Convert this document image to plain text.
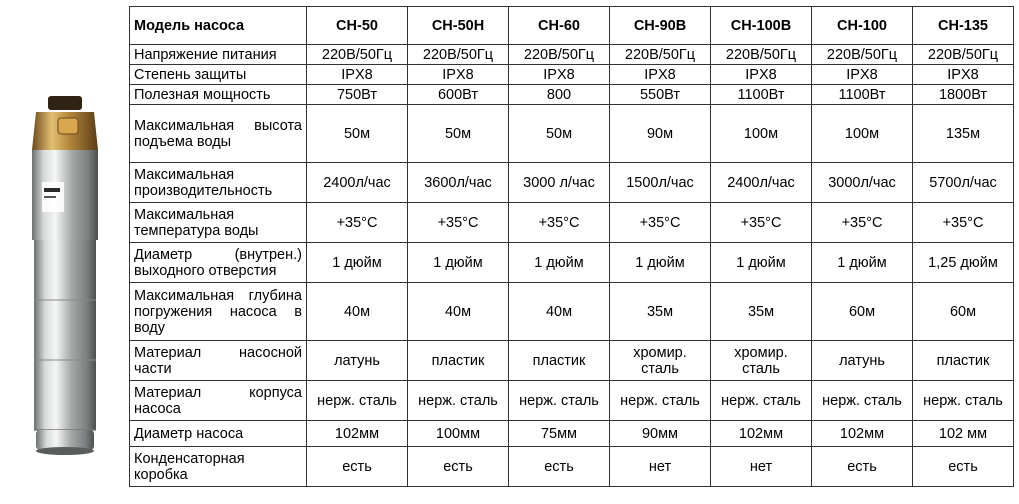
Модель насоса	CH-50	CH-50H	CH-60	CH-90B	CH-100B	CH-100	CH-135
Напряжение питания	220В/50Гц	220В/50Гц	220В/50Гц	220В/50Гц	220В/50Гц	220В/50Гц	220В/50Гц
Степень защиты	IPX8	IPX8	IPX8	IPX8	IPX8	IPX8	IPX8
Полезная мощность	750Вт	600Вт	800	550Вт	1100Вт	1100Вт	1800Вт
Максимальная высота подъема воды	50м	50м	50м	90м	100м	100м	135м
Максимальная производительность	2400л/час	3600л/час	3000 л/час	1500л/час	2400л/час	3000л/час	5700л/час
Максимальная температура воды	+35°С	+35°С	+35°С	+35°С	+35°С	+35°С	+35°С
Диаметр (внутрен.) выходного отверстия	1 дюйм	1 дюйм	1 дюйм	1 дюйм	1 дюйм	1 дюйм	1,25 дюйм
Максимальная глубина погружения насоса в воду	40м	40м	40м	35м	35м	60м	60м
Материал насосной части	латунь	пластик	пластик	хромир. сталь	хромир. сталь	латунь	пластик
Материал корпуса насоса	нерж. сталь	нерж. сталь	нерж. сталь	нерж. сталь	нерж. сталь	нерж. сталь	нерж. сталь
Диаметр насоса	102мм	100мм	75мм	90мм	102мм	102мм	102 мм
Конденсаторная коробка	есть	есть	есть	нет	нет	есть	есть
